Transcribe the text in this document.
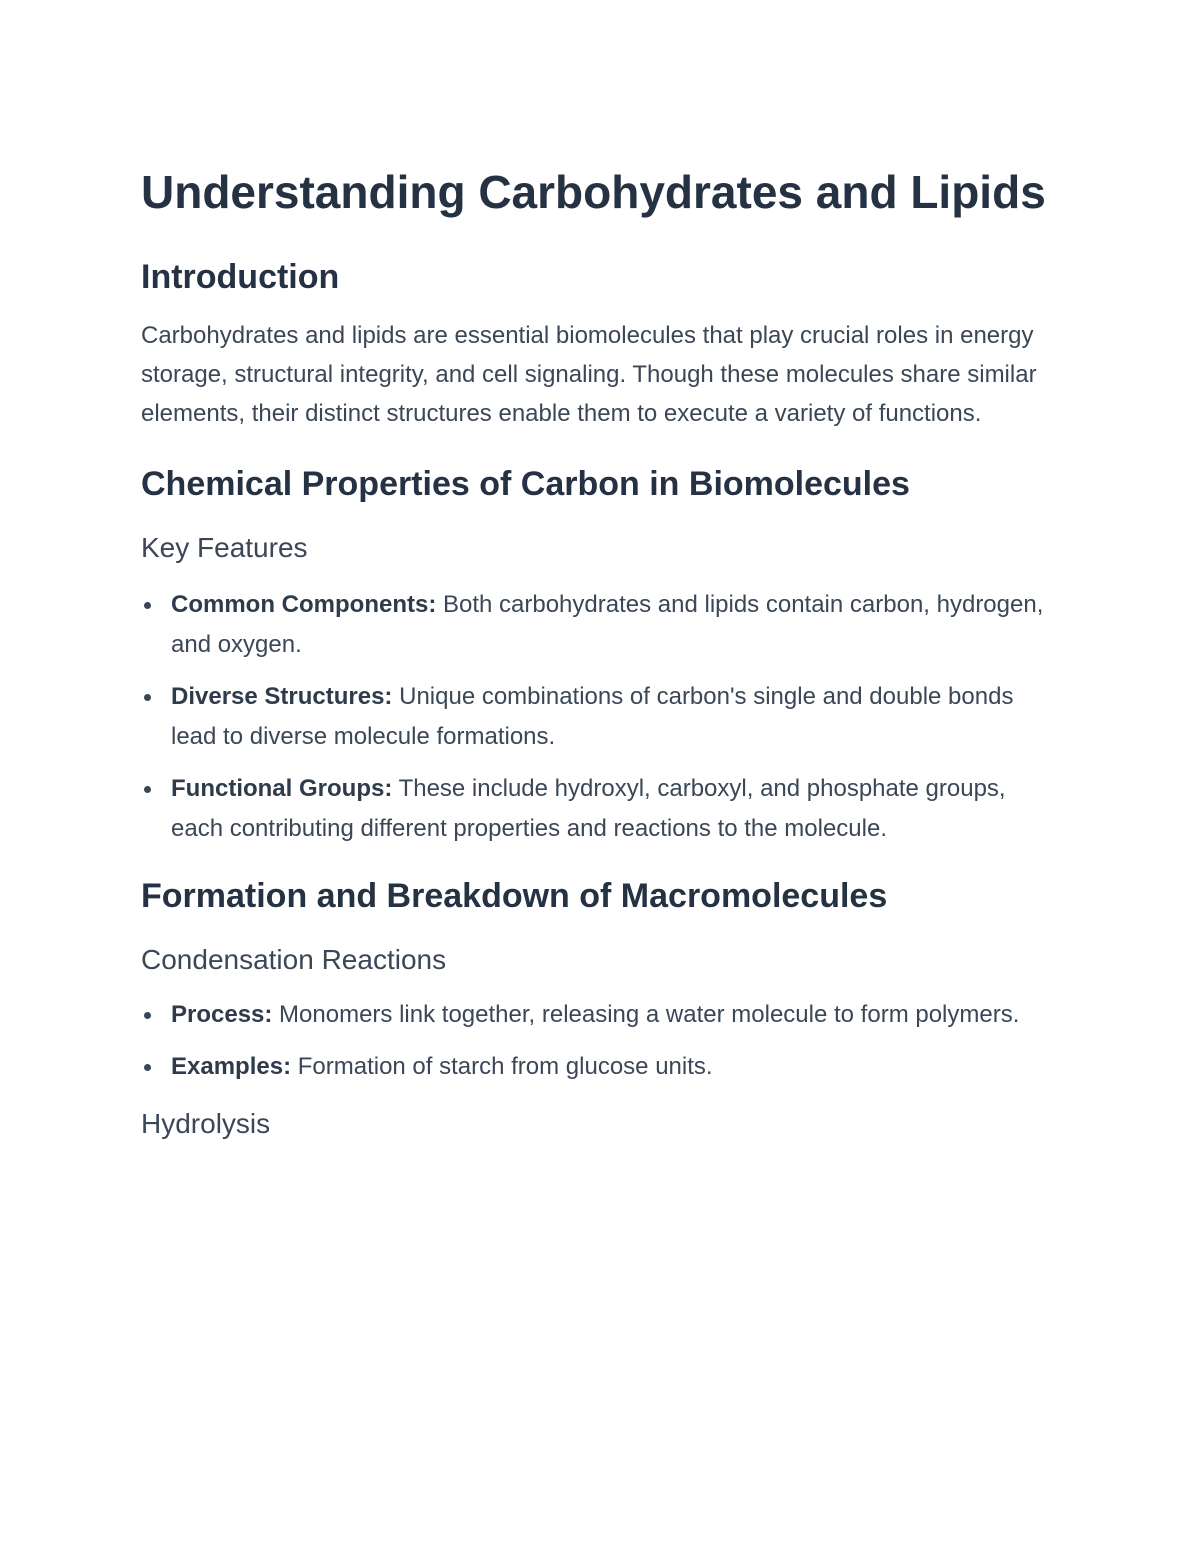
Understanding Carbohydrates and Lipids
Introduction

Carbohydrates and lipids are essential biomolecules that play crucial roles in energy storage, structural integrity, and cell signaling. Though these molecules share similar elements, their distinct structures enable them to execute a variety of functions.

Chemical Properties of Carbon in Biomolecules
Key Features
Common Components: Both carbohydrates and lipids contain carbon, hydrogen, and oxygen.
Diverse Structures: Unique combinations of carbon's single and double bonds lead to diverse molecule formations.
Functional Groups: These include hydroxyl, carboxyl, and phosphate groups, each contributing different properties and reactions to the molecule.
Formation and Breakdown of Macromolecules
Condensation Reactions
Process: Monomers link together, releasing a water molecule to form polymers.
Examples: Formation of starch from glucose units.
Hydrolysis
